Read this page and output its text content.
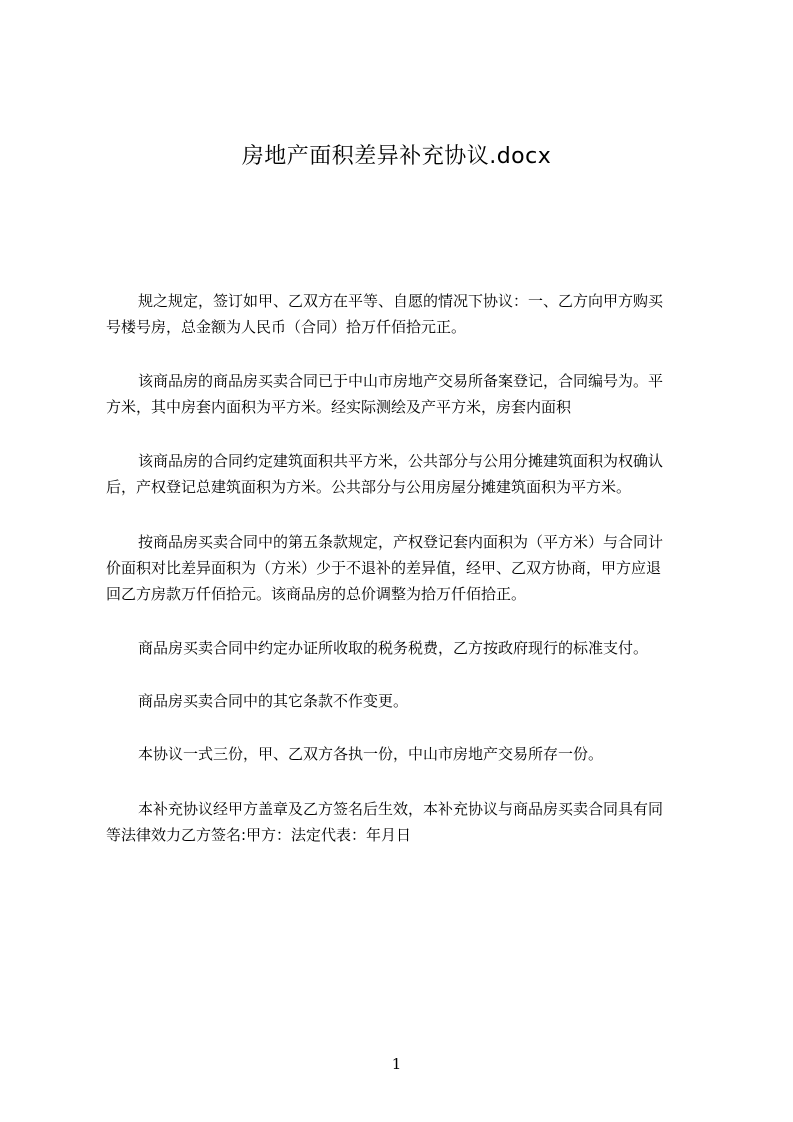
房地产面积差异补充协议.docx
规之规定，签订如甲、乙双方在平等、自愿的情况下协议：一、乙方向甲方购买
号楼号房，总金额为人民币（合同）拾万仟佰拾元正。
该商品房的商品房买卖合同已于中山市房地产交易所备案登记，合同编号为。平
方米，其中房套内面积为平方米。经实际测绘及产平方米，房套内面积
该商品房的合同约定建筑面积共平方米，公共部分与公用分摊建筑面积为权确认
后，产权登记总建筑面积为方米。公共部分与公用房屋分摊建筑面积为平方米。
按商品房买卖合同中的第五条款规定，产权登记套内面积为（平方米）与合同计
价面积对比差异面积为（方米）少于不退补的差异值，经甲、乙双方协商，甲方应退
回乙方房款万仟佰拾元。该商品房的总价调整为拾万仟佰拾正。
商品房买卖合同中约定办证所收取的税务税费，乙方按政府现行的标准支付。
商品房买卖合同中的其它条款不作变更。
本协议一式三份，甲、乙双方各执一份，中山市房地产交易所存一份。
本补充协议经甲方盖章及乙方签名后生效，本补充协议与商品房买卖合同具有同
等法律效力乙方签名:甲方：法定代表：年月日
1
